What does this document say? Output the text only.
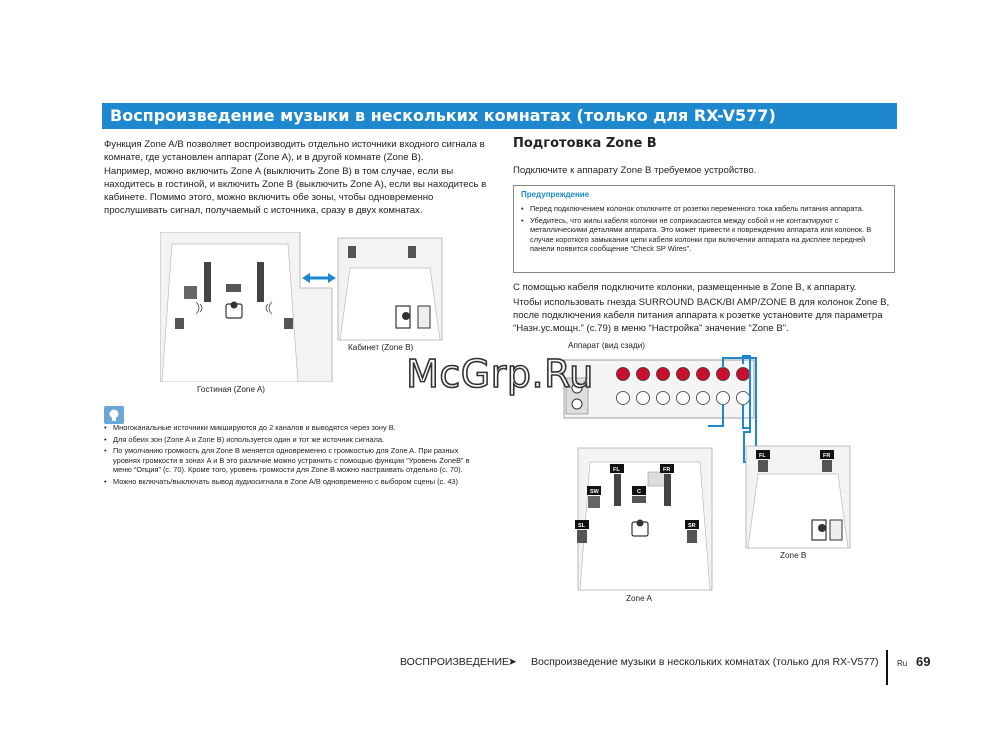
Воспроизведение музыки в нескольких комнатах (только для RX-V577)
Функция Zone A/B позволяет воспроизводить отдельно источники входного сигнала в комнате, где установлен аппарат (Zone A), и в другой комнате (Zone B).
Например, можно включить Zone A (выключить Zone B) в том случае, если вы находитесь в гостиной, и включить Zone B (выключить Zone A), если вы находитесь в кабинете. Помимо этого, можно включить обе зоны, чтобы одновременно прослушивать сигнал, получаемый с источника, сразу в двух комнатах.
Кабинет (Zone B)
Гостиная (Zone A)
• Многоканальные источники микшируются до 2 каналов и выводятся через зону B.
• Для обеих зон (Zone A и Zone B) используется один и тот же источник сигнала.
• По умолчанию громкость для Zone B меняется одновременно с громкостью для Zone A. При разных уровнях громкости в зонах A и B это различие можно устранить с помощью функции “Уровень ZoneB” в меню “Опция” (c. 70). Кроме того, уровень громкости для Zone B можно настраивать отдельно (c. 70).
• Можно включать/выключать вывод аудиосигнала в Zone A/B одновременно с выбором сцены (c. 43)
Подготовка Zone B
Подключите к аппарату Zone B требуемое устройство.
Предупреждение
• Перед подключением колонок отключите от розетки переменного тока кабель питания аппарата.
• Убедитесь, что жилы кабеля колонки не соприкасаются между собой и не контактируют с металлическими деталями аппарата. Это может привести к повреждению аппарата или колонок. В случае короткого замыкания цепи кабеля колонки при включении аппарата на дисплее передней панели появится сообщение “Check SP Wires”.
С помощью кабеля подключите колонки, размещенные в Zone B, к аппарату.
Чтобы использовать гнезда SURROUND BACK/BI AMP/ZONE B для колонок Zone B, после подключения кабеля питания аппарата к розетке установите для параметра “Назн.ус.мощн.” (c.79) в меню “Настройка” значение “Zone B”.
Аппарат (вид сзади)
FL	FR
C
SW
SL	SR
FL	FR
Zone B
Zone A
McGrp.Ru
ВОСПРОИЗВЕДЕНИЕ
➤ Воспроизведение музыки в нескольких комнатах (только для RX-V577) Ru 69
